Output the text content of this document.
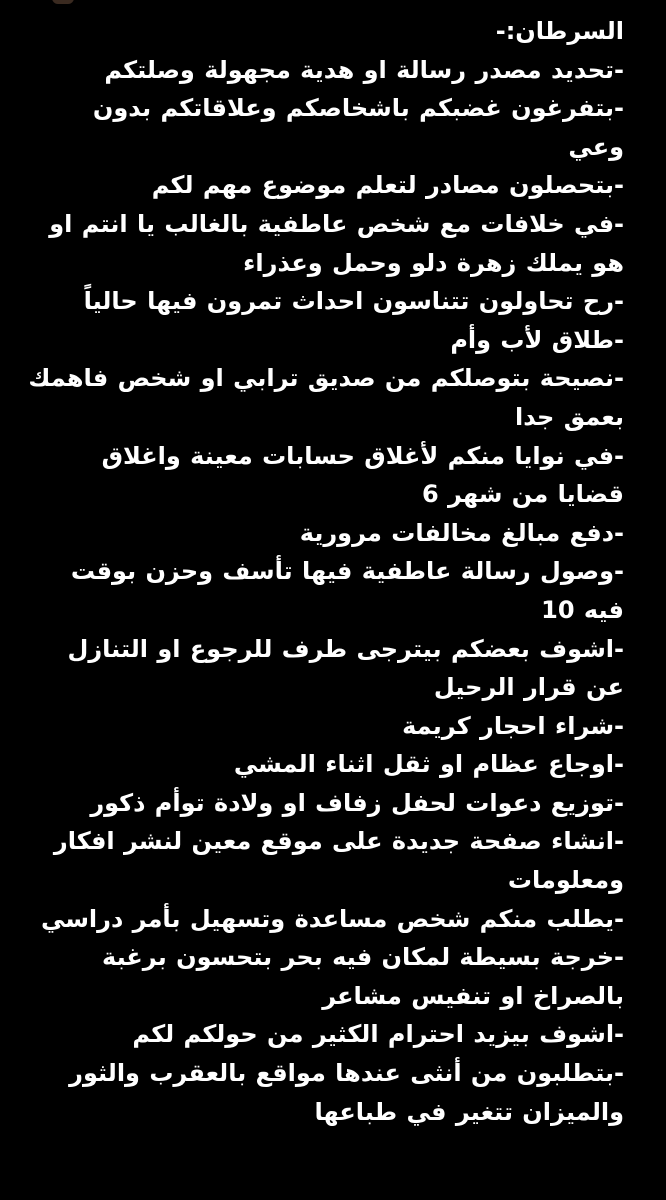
السرطان:-
-تحديد مصدر رسالة او هدية مجهولة وصلتكم
-بتفرغون غضبكم باشخاصكم وعلاقاتكم بدون وعي
-بتحصلون مصادر لتعلم موضوع مهم لكم
-في خلافات مع شخص عاطفية بالغالب يا انتم او هو يملك زهرة دلو وحمل وعذراء
-رح تحاولون تتناسون احداث تمرون فيها حالياً
-طلاق لأب وأم
-نصيحة بتوصلكم من صديق ترابي او شخص فاهمك بعمق جدا
-في نوايا منكم لأغلاق حسابات معينة واغلاق قضايا من شهر 6
-دفع مبالغ مخالفات مرورية
-وصول رسالة عاطفية فيها تأسف وحزن بوقت فيه 10
-اشوف بعضكم بيترجى طرف للرجوع او التنازل عن قرار الرحيل
-شراء احجار كريمة
-اوجاع عظام او ثقل اثناء المشي
-توزيع دعوات لحفل زفاف او ولادة توأم ذكور
-انشاء صفحة جديدة على موقع معين لنشر افكار ومعلومات
-يطلب منكم شخص مساعدة وتسهيل بأمر دراسي
-خرجة بسيطة لمكان فيه بحر بتحسون برغبة بالصراخ او تنفيس مشاعر
-اشوف بيزيد احترام الكثير من حولكم لكم
-بتطلبون من أنثى عندها مواقع بالعقرب والثور والميزان تتغير في طباعها
